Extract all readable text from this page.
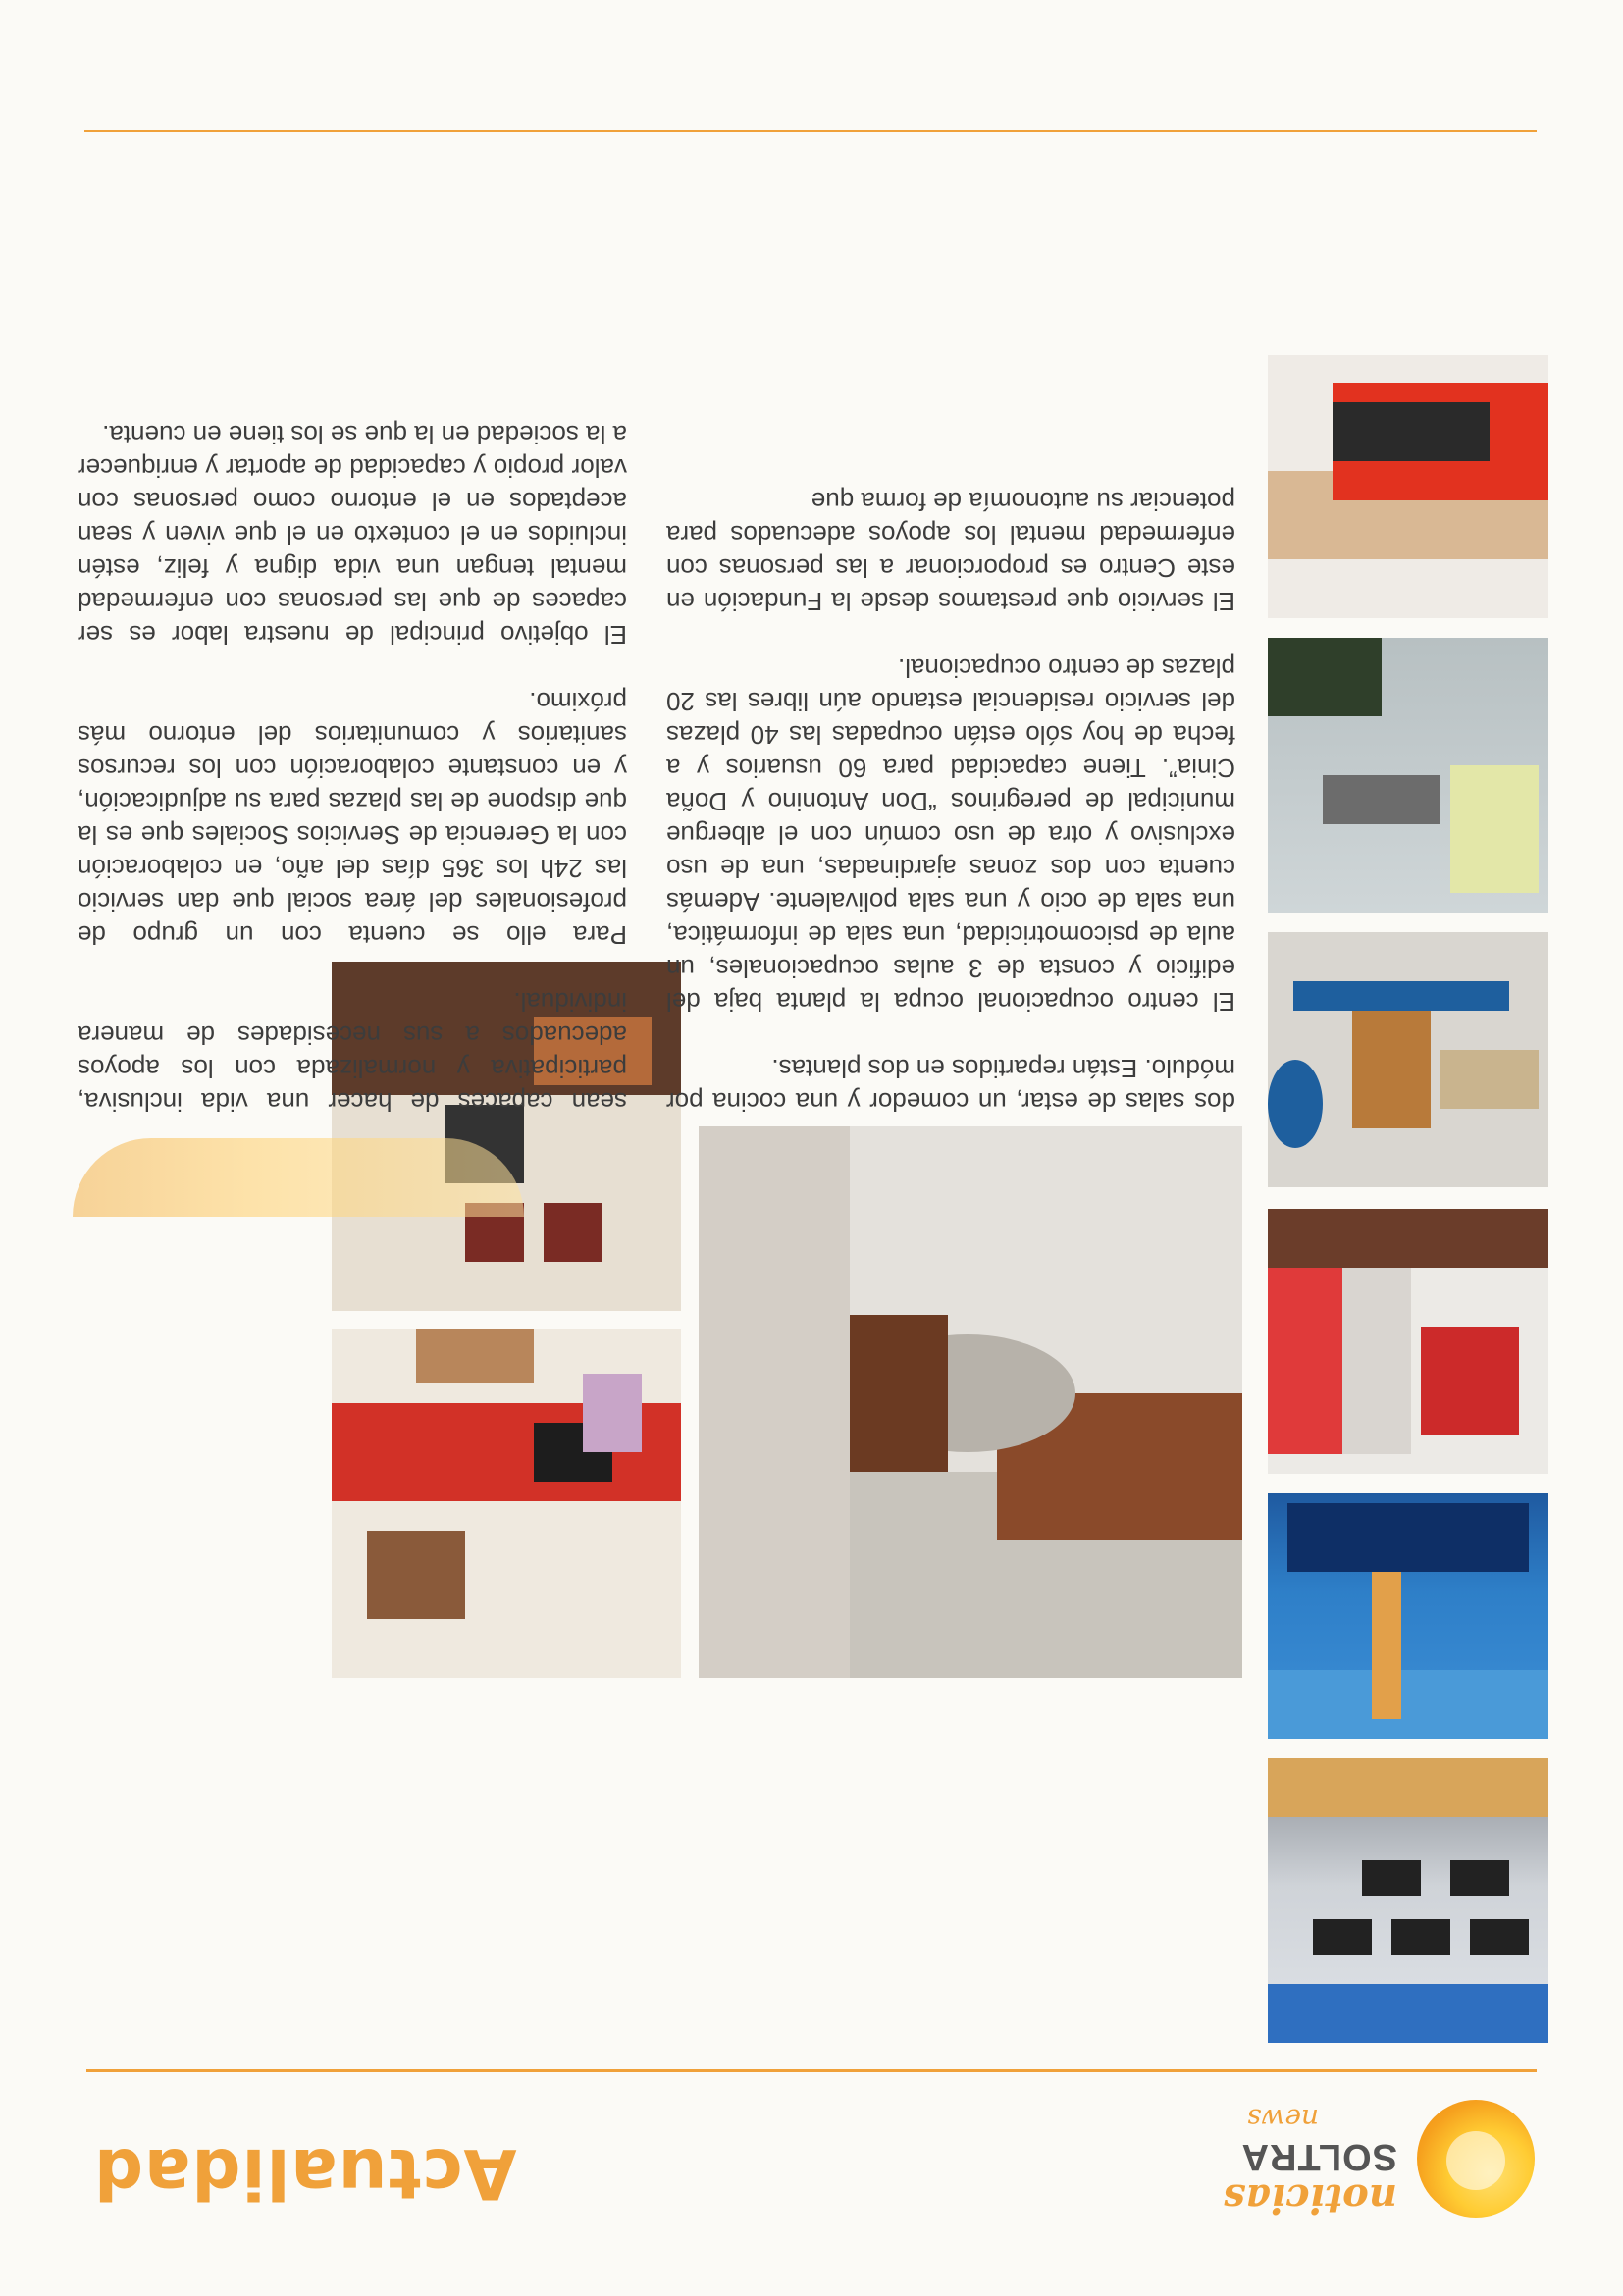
noticias
SOLTRA
news
Actualidad

dos salas de estar, un comedor y una cocina por módulo. Están repartidos en dos plantas.

El centro ocupacional ocupa la planta baja del edificio y consta de 3 aulas ocupacionales, un aula de psicomotricidad, una sala de informática, una sala de ocio y una sala polivalente. Además cuenta con dos zonas ajardinadas, una de uso exclusivo y otra de uso común con el albergue municipal de peregrinos “Don Antonino y Doña Cinia”. Tiene capacidad para 60 usuarios y a fecha de hoy sólo están ocupadas las 40 plazas del servicio residencial estando aún libres las 20 plazas de centro ocupacional.

El servicio que prestamos desde la Fundación en este Centro es proporcionar a las personas con enfermedad mental los apoyos adecuados para potenciar su autonomía de forma que

sean capaces de hacer una vida inclusiva, participativa y normalizada con los apoyos adecuados a sus necesidades de manera individual.

Para ello se cuenta con un grupo de profesionales del área social que dan servicio las 24h los 365 días del año, en colaboración con la Gerencia de Servicios Sociales que es la que dispone de las plazas para su adjudicación, y en constante colaboración con los recursos sanitarios y comunitarios del entorno más próximo.

El objetivo principal de nuestra labor es ser capaces de que las personas con enfermedad mental tengan una vida digna y feliz, estén incluidos en el contexto en el que viven y sean aceptados en el entorno como personas con valor propio y capacidad de aportar y enriquecer a la sociedad en la que se los tiene en cuenta.
